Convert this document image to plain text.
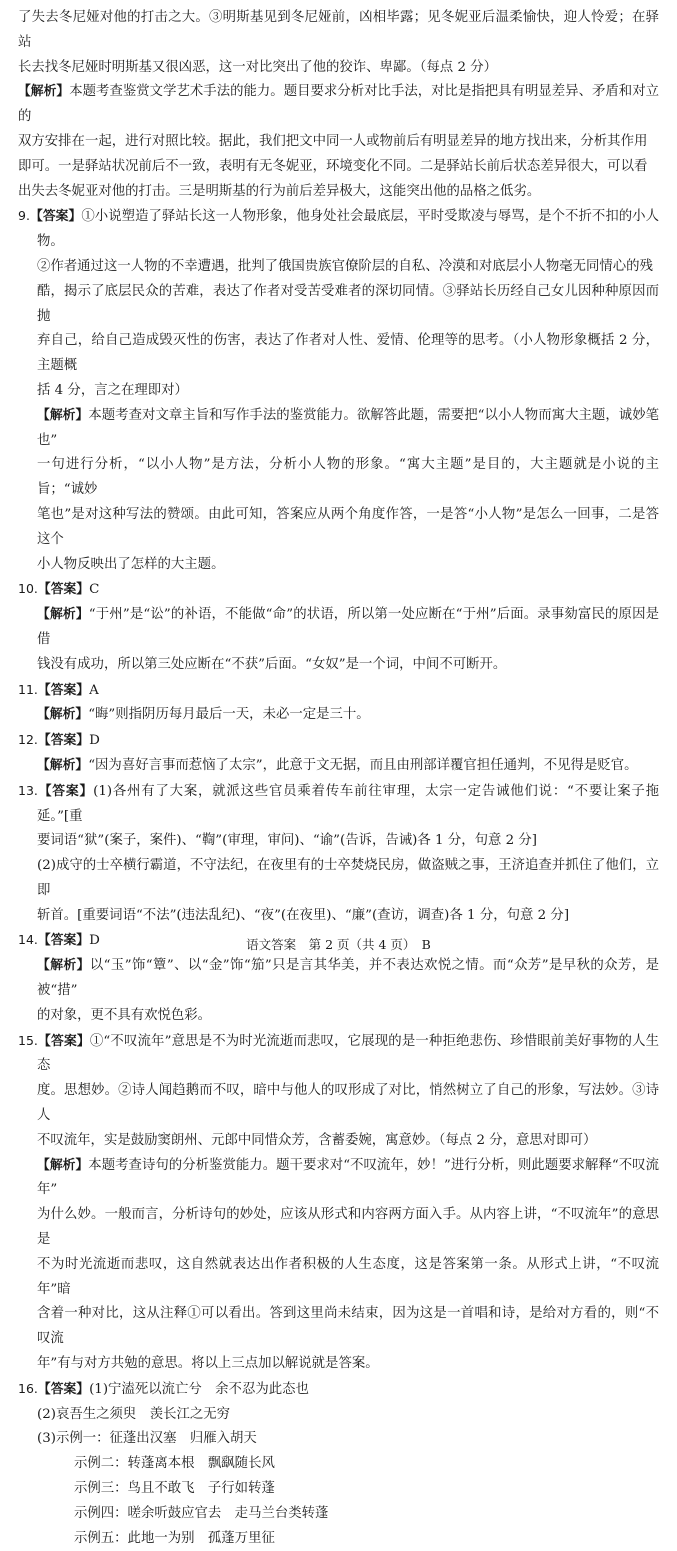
了失去冬尼娅对他的打击之大。③明斯基见到冬尼娅前，凶相毕露；见冬妮亚后温柔愉快，迎人怜爱；在驿站

长去找冬尼娅时明斯基又很凶恶，这一对比突出了他的狡诈、卑鄙。（每点 2 分）

【解析】本题考查鉴赏文学艺术手法的能力。题目要求分析对比手法，对比是指把具有明显差异、矛盾和对立的

双方安排在一起，进行对照比较。据此，我们把文中同一人或物前后有明显差异的地方找出来，分析其作用

即可。一是驿站状况前后不一致，表明有无冬妮亚，环境变化不同。二是驿站长前后状态差异很大，可以看

出失去冬妮亚对他的打击。三是明斯基的行为前后差异极大，这能突出他的品格之低劣。

9.【答案】①小说塑造了驿站长这一人物形象，他身处社会最底层，平时受欺凌与辱骂，是个不折不扣的小人物。

②作者通过这一人物的不幸遭遇，批判了俄国贵族官僚阶层的自私、冷漠和对底层小人物毫无同情心的残

酷，揭示了底层民众的苦难，表达了作者对受苦受难者的深切同情。③驿站长历经自己女儿因种种原因而抛

弃自己，给自己造成毁灭性的伤害，表达了作者对人性、爱情、伦理等的思考。（小人物形象概括 2 分，主题概

括 4 分，言之在理即对）

【解析】本题考查对文章主旨和写作手法的鉴赏能力。欲解答此题，需要把“以小人物而寓大主题，诚妙笔也”

一句进行分析，“以小人物”是方法，分析小人物的形象。“寓大主题”是目的，大主题就是小说的主旨；“诚妙

笔也”是对这种写法的赞颂。由此可知，答案应从两个角度作答，一是答“小人物”是怎么一回事，二是答这个

小人物反映出了怎样的大主题。

10.【答案】C

【解析】“于州”是“讼”的补语，不能做“命”的状语，所以第一处应断在“于州”后面。录事劾富民的原因是借

钱没有成功，所以第三处应断在“不获”后面。“女奴”是一个词，中间不可断开。

11.【答案】A

【解析】“晦”则指阴历每月最后一天，未必一定是三十。

12.【答案】D

【解析】“因为喜好言事而惹恼了太宗”，此意于文无据，而且由刑部详覆官担任通判，不见得是贬官。

13.【答案】(1)各州有了大案，就派这些官员乘着传车前往审理，太宗一定告诫他们说：“不要让案子拖延。”[重

要词语“狱”(案子，案件)、“鞫”(审理，审问)、“谕”(告诉，告诫)各 1 分，句意 2 分]

(2)成守的士卒横行霸道，不守法纪，在夜里有的士卒焚烧民房，做盗贼之事，王济追查并抓住了他们，立即

斩首。[重要词语“不法”(违法乱纪)、“夜”(在夜里)、“廉”(查访，调查)各 1 分，句意 2 分]

14.【答案】D

【解析】以“玉”饰“簟”、以“金”饰“笳”只是言其华美，并不表达欢悦之情。而“众芳”是早秋的众芳，是被“措”

的对象，更不具有欢悦色彩。

15.【答案】①“不叹流年”意思是不为时光流逝而悲叹，它展现的是一种拒绝悲伤、珍惜眼前美好事物的人生态

度。思想妙。②诗人闻趋鹅而不叹，暗中与他人的叹形成了对比，悄然树立了自己的形象，写法妙。③诗人

不叹流年，实是鼓励窦朗州、元郎中同惜众芳，含蓄委婉，寓意妙。（每点 2 分，意思对即可）

【解析】本题考查诗句的分析鉴赏能力。题干要求对“不叹流年，妙！”进行分析，则此题要求解释“不叹流年”

为什么妙。一般而言，分析诗句的妙处，应该从形式和内容两方面入手。从内容上讲，“不叹流年”的意思是

不为时光流逝而悲叹，这自然就表达出作者积极的人生态度，这是答案第一条。从形式上讲，“不叹流年”暗

含着一种对比，这从注释①可以看出。答到这里尚未结束，因为这是一首唱和诗，是给对方看的，则“不叹流

年”有与对方共勉的意思。将以上三点加以解说就是答案。

16.【答案】(1)宁溘死以流亡兮　余不忍为此态也

(2)哀吾生之须臾　羡长江之无穷

(3)示例一：征蓬出汉塞　归雁入胡天

示例二：转蓬离本根　飘飖随长风

示例三：鸟且不敢飞　子行如转蓬

示例四：嗟余听鼓应官去　走马兰台类转蓬

示例五：此地一为别　孤蓬万里征

语文答案　第 2 页（共 4 页）　B
